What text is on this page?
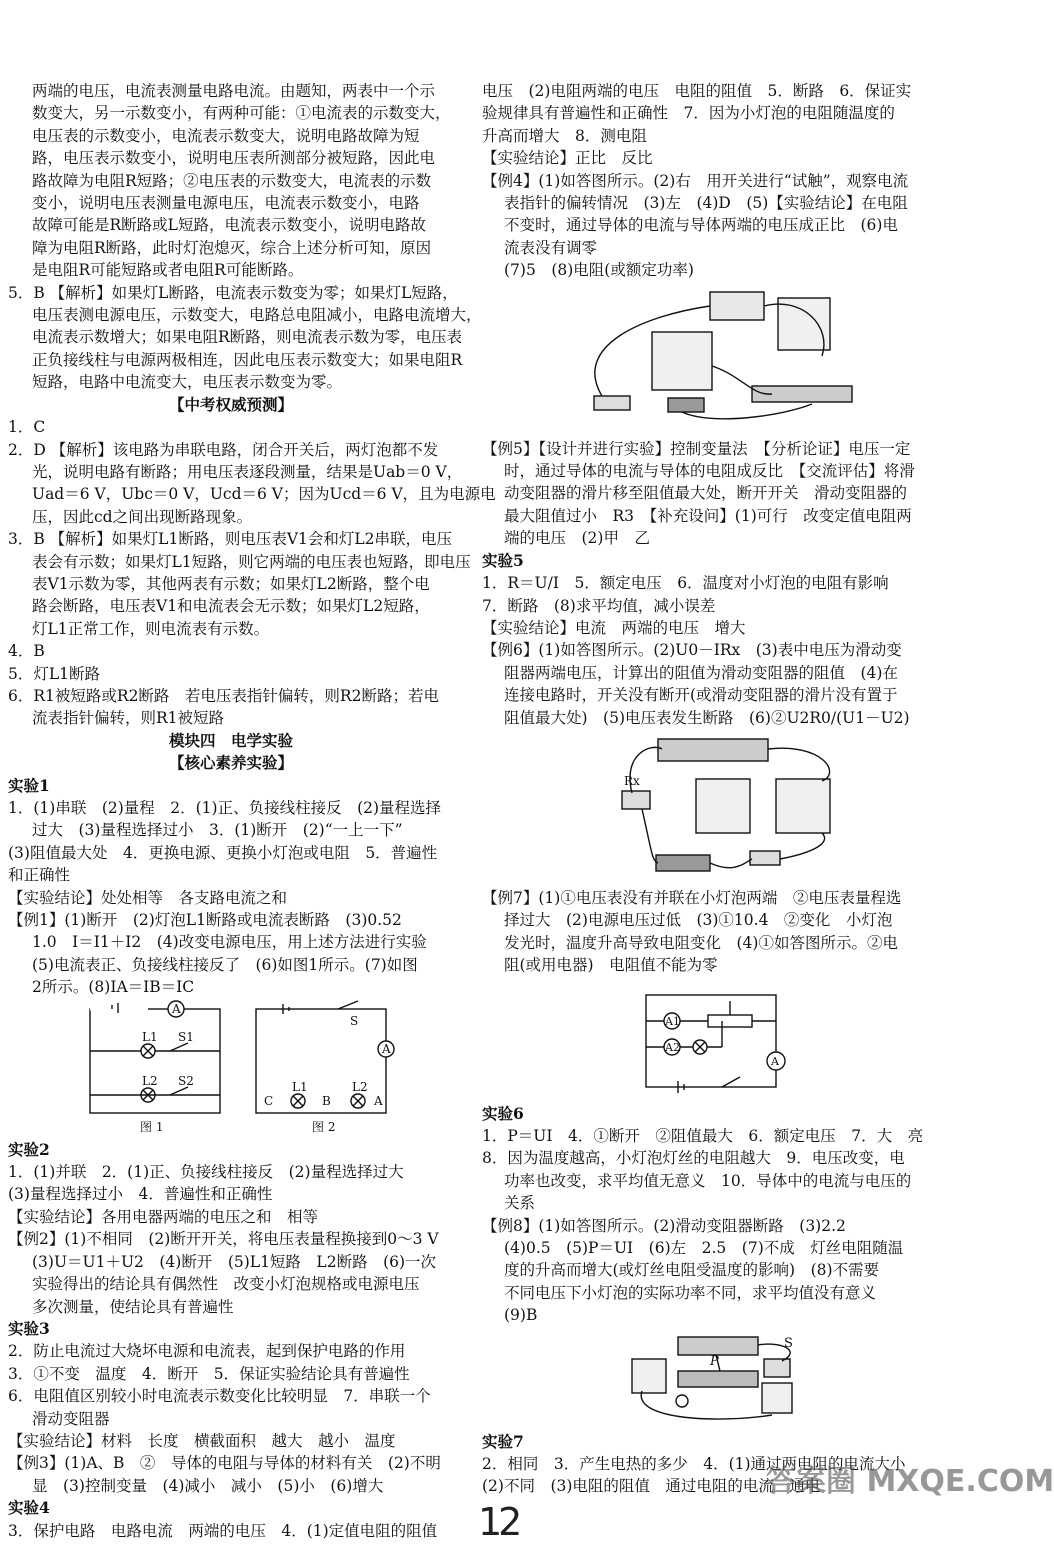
两端的电压，电流表测量电路电流。由题知，两表中一个示
数变大，另一示数变小，有两种可能：①电流表的示数变大，
电压表的示数变小，电流表示数变大，说明电路故障为短
路，电压表示数变小，说明电压表所测部分被短路，因此电
路故障为电阻R短路；②电压表的示数变大，电流表的示数
变小，说明电压表测量电源电压，电流表示数变小，电路
故障可能是R断路或L短路，电流表示数变小，说明电路故
障为电阻R断路，此时灯泡熄灭，综合上述分析可知，原因
是电阻R可能短路或者电阻R可能断路。
5．B 【解析】如果灯L断路，电流表示数变为零；如果灯L短路，
电压表测电源电压，示数变大，电路总电阻减小，电路电流增大，
电流表示数增大；如果电阻R断路，则电流表示数为零，电压表
正负接线柱与电源两极相连，因此电压表示数变大；如果电阻R
短路，电路中电流变大，电压表示数变为零。
【中考权威预测】
1．C
2．D 【解析】该电路为串联电路，闭合开关后，两灯泡都不发
光，说明电路有断路；用电压表逐段测量，结果是Uab＝0 V，
Uad＝6 V，Ubc＝0 V，Ucd＝6 V；因为Ucd＝6 V，且为电源电
压，因此cd之间出现断路现象。
3．B 【解析】如果灯L1断路，则电压表V1会和灯L2串联，电压
表会有示数；如果灯L1短路，则它两端的电压表也短路，即电压
表V1示数为零，其他两表有示数；如果灯L2断路，整个电
路会断路，电压表V1和电流表会无示数；如果灯L2短路，
灯L1正常工作，则电流表有示数。
4．B
5．灯L1断路
6．R1被短路或R2断路　若电压表指针偏转，则R2断路；若电
流表指针偏转，则R1被短路
模块四　电学实验
【核心素养实验】
实验1
1．(1)串联　(2)量程　2．(1)正、负接线柱接反　(2)量程选择
过大　(3)量程选择过小　3．(1)断开　(2)“一上一下”
(3)阻值最大处　4．更换电源、更换小灯泡或电阻　5．普遍性
和正确性
【实验结论】处处相等　各支路电流之和
【例1】(1)断开　(2)灯泡L1断路或电流表断路　(3)0.52
1.0　I＝I1＋I2　(4)改变电源电压，用上述方法进行实验
(5)电流表正、负接线柱接反了　(6)如图1所示。(7)如图
2所示。(8)IA＝IB＝IC
A
L1 S1
L2 S2
图 1
S
A
C
L1
B
L2
A
图 2
实验2
1．(1)并联　2．(1)正、负接线柱接反　(2)量程选择过大
(3)量程选择过小　4．普遍性和正确性
【实验结论】各用电器两端的电压之和　相等
【例2】(1)不相同　(2)断开开关，将电压表量程换接到0～3 V
(3)U＝U1＋U2　(4)断开　(5)L1短路　L2断路　(6)一次
实验得出的结论具有偶然性　改变小灯泡规格或电源电压
多次测量，使结论具有普遍性
实验3
2．防止电流过大烧坏电源和电流表，起到保护电路的作用
3．①不变　温度　4．断开　5．保证实验结论具有普遍性
6．电阻值区别较小时电流表示数变化比较明显　7．串联一个
滑动变阻器
【实验结论】材料　长度　横截面积　越大　越小　温度
【例3】(1)A、B　②　导体的电阻与导体的材料有关　(2)不明
显　(3)控制变量　(4)减小　减小　(5)小　(6)增大
实验4
3．保护电路　电路电流　两端的电压　4．(1)定值电阻的阻值
电压　(2)电阻两端的电压　电阻的阻值　5．断路　6．保证实
验规律具有普遍性和正确性　7．因为小灯泡的电阻随温度的
升高而增大　8．测电阻
【实验结论】正比　反比
【例4】(1)如答图所示。(2)右　用开关进行“试触”，观察电流
表指针的偏转情况　(3)左　(4)D　(5)【实验结论】在电阻
不变时，通过导体的电流与导体两端的电压成正比　(6)电
流表没有调零
(7)5　(8)电阻(或额定功率)
【例5】【设计并进行实验】控制变量法　【分析论证】电压一定
时，通过导体的电流与导体的电阻成反比　【交流评估】将滑
动变阻器的滑片移至阻值最大处，断开开关　滑动变阻器的
最大阻值过小　R3　【补充设问】(1)可行　改变定值电阻两
端的电压　(2)甲　乙
实验5
1．R＝U/I　5．额定电压　6．温度对小灯泡的电阻有影响
7．断路　(8)求平均值，减小误差
【实验结论】电流　两端的电压　增大
【例6】(1)如答图所示。(2)U0－IRx　(3)表中电压为滑动变
阻器两端电压，计算出的阻值为滑动变阻器的阻值　(4)在
连接电路时，开关没有断开(或滑动变阻器的滑片没有置于
阻值最大处)　(5)电压表发生断路　(6)②U2R0/(U1－U2)
Rx
【例7】(1)①电压表没有并联在小灯泡两端　②电压表量程选
择过大　(2)电源电压过低　(3)①10.4　②变化　小灯泡
发光时，温度升高导致电阻变化　(4)①如答图所示。②电
阻(或用电器)　电阻值不能为零
A1
A2
A
实验6
1．P＝UI　4．①断开　②阻值最大　6．额定电压　7．大　亮
8．因为温度越高，小灯泡灯丝的电阻越大　9．电压改变，电
功率也改变，求平均值无意义　10．导体中的电流与电压的
关系
【例8】(1)如答图所示。(2)滑动变阻器断路　(3)2.2
(4)0.5　(5)P＝UI　(6)左　2.5　(7)不成　灯丝电阻随温
度的升高而增大(或灯丝电阻受温度的影响)　(8)不需要
不同电压下小灯泡的实际功率不同，求平均值没有意义
(9)B
S
P
实验7
2．相同　3．产生电热的多少　4．(1)通过两电阻的电流大小
(2)不同　(3)电阻的阻值　通过电阻的电流　通电
12
答案圈 MXQE.COM
